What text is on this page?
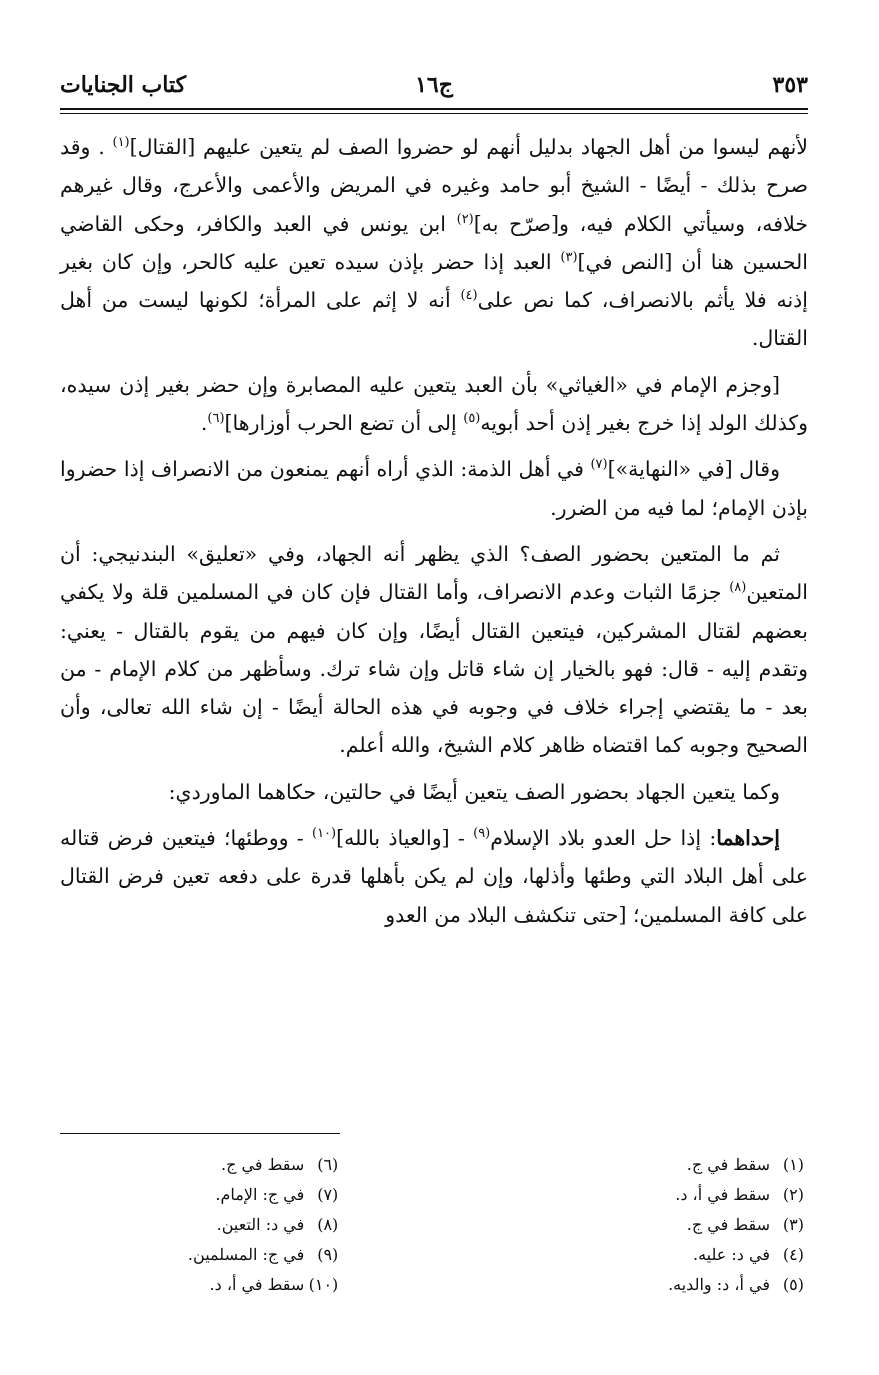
٣٥٣
ج١٦
كتاب الجنايات

لأنهم ليسوا من أهل الجهاد بدليل أنهم لو حضروا الصف لم يتعين عليهم [القتال]$^{(١)}$ . وقد صرح بذلك - أيضًا - الشيخ أبو حامد وغيره في المريض والأعمى والأعرج، وقال غيرهم خلافه، وسيأتي الكلام فيه، و[صرّح به]$^{(٢)}$ ابن يونس في العبد والكافر، وحكى القاضي الحسين هنا أن [النص في]$^{(٣)}$ العبد إذا حضر بإذن سيده تعين عليه كالحر، وإن كان بغير إذنه فلا يأثم بالانصراف، كما نص على$^{(٤)}$ أنه لا إثم على المرأة؛ لكونها ليست من أهل القتال.

[وجزم الإمام في «الغياثي» بأن العبد يتعين عليه المصابرة وإن حضر بغير إذن سيده، وكذلك الولد إذا خرج بغير إذن أحد أبويه$^{(٥)}$ إلى أن تضع الحرب أوزارها]$^{(٦)}$.

وقال [في «النهاية»]$^{(٧)}$ في أهل الذمة: الذي أراه أنهم يمنعون من الانصراف إذا حضروا بإذن الإمام؛ لما فيه من الضرر.

ثم ما المتعين بحضور الصف؟ الذي يظهر أنه الجهاد، وفي «تعليق» البندنيجي: أن المتعين$^{(٨)}$ جزمًا الثبات وعدم الانصراف، وأما القتال فإن كان في المسلمين قلة ولا يكفي بعضهم لقتال المشركين، فيتعين القتال أيضًا، وإن كان فيهم من يقوم بالقتال - يعني: وتقدم إليه - قال: فهو بالخيار إن شاء قاتل وإن شاء ترك. وسأظهر من كلام الإمام - من بعد - ما يقتضي إجراء خلاف في وجوبه في هذه الحالة أيضًا - إن شاء الله تعالى، وأن الصحيح وجوبه كما اقتضاه ظاهر كلام الشيخ، والله أعلم.

وكما يتعين الجهاد بحضور الصف يتعين أيضًا في حالتين، حكاهما الماوردي:

إحداهما: إذا حل العدو بلاد الإسلام$^{(٩)}$ - [والعياذ بالله]$^{(١٠)}$ - ووطئها؛ فيتعين فرض قتاله على أهل البلاد التي وطئها وأذلها، وإن لم يكن بأهلها قدرة على دفعه تعين فرض القتال على كافة المسلمين؛ [حتى تنكشف البلاد من العدو

(١)سقط في ج.
(٢)سقط في أ، د.
(٣)سقط في ج.
(٤)في د: عليه.
(٥)في أ، د: والديه.
(٦)سقط في ج.
(٧)في ج: الإمام.
(٨)في د: التعين.
(٩)في ج: المسلمين.
(١٠)سقط في أ، د.
